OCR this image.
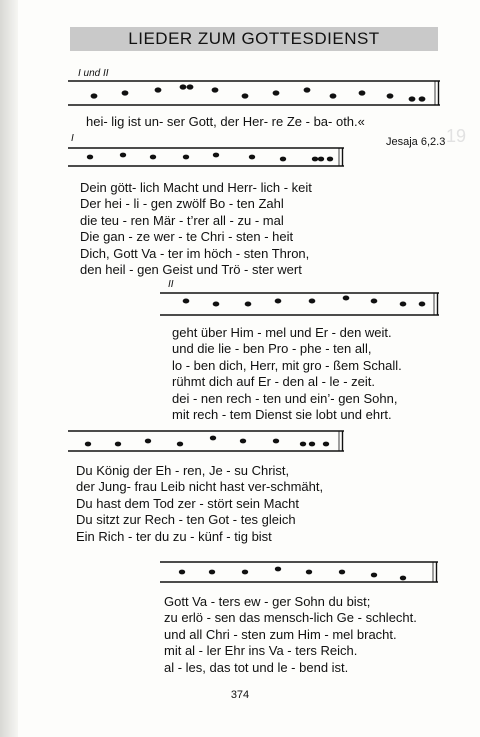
19
LIEDER ZUM GOTTESDIENST
I und II
hei- lig ist un- ser Gott, der Her- re Ze - ba- oth.«
Jesaja 6,2.3
I
Dein gött- lich Macht und Herr- lich - keit
Der hei - li - gen zwölf Bo - ten Zahl
die teu - ren Mär - t’rer all - zu - mal
Die gan - ze wer - te Chri - sten - heit
Dich, Gott Va - ter im höch - sten Thron,
den heil - gen Geist und Trö - ster wert
II
geht über Him - mel und Er - den weit.
und die lie - ben Pro - phe - ten all,
lo - ben dich, Herr, mit gro - ßem Schall.
rühmt dich auf Er - den al - le - zeit.
dei - nen rech - ten und ein’- gen Sohn,
mit rech - tem Dienst sie lobt und ehrt.
Du König der Eh - ren, Je - su Christ,
der Jung- frau Leib nicht hast ver-schmäht,
Du hast dem Tod zer - stört sein Macht
Du sitzt zur Rech - ten Got - tes gleich
Ein Rich - ter du zu - künf - tig bist
Gott Va - ters ew - ger Sohn du bist;
zu erlö - sen das mensch-lich Ge - schlecht.
und all Chri - sten zum Him - mel bracht.
mit al - ler Ehr ins Va - ters Reich.
al - les, das tot und le - bend ist.
374
